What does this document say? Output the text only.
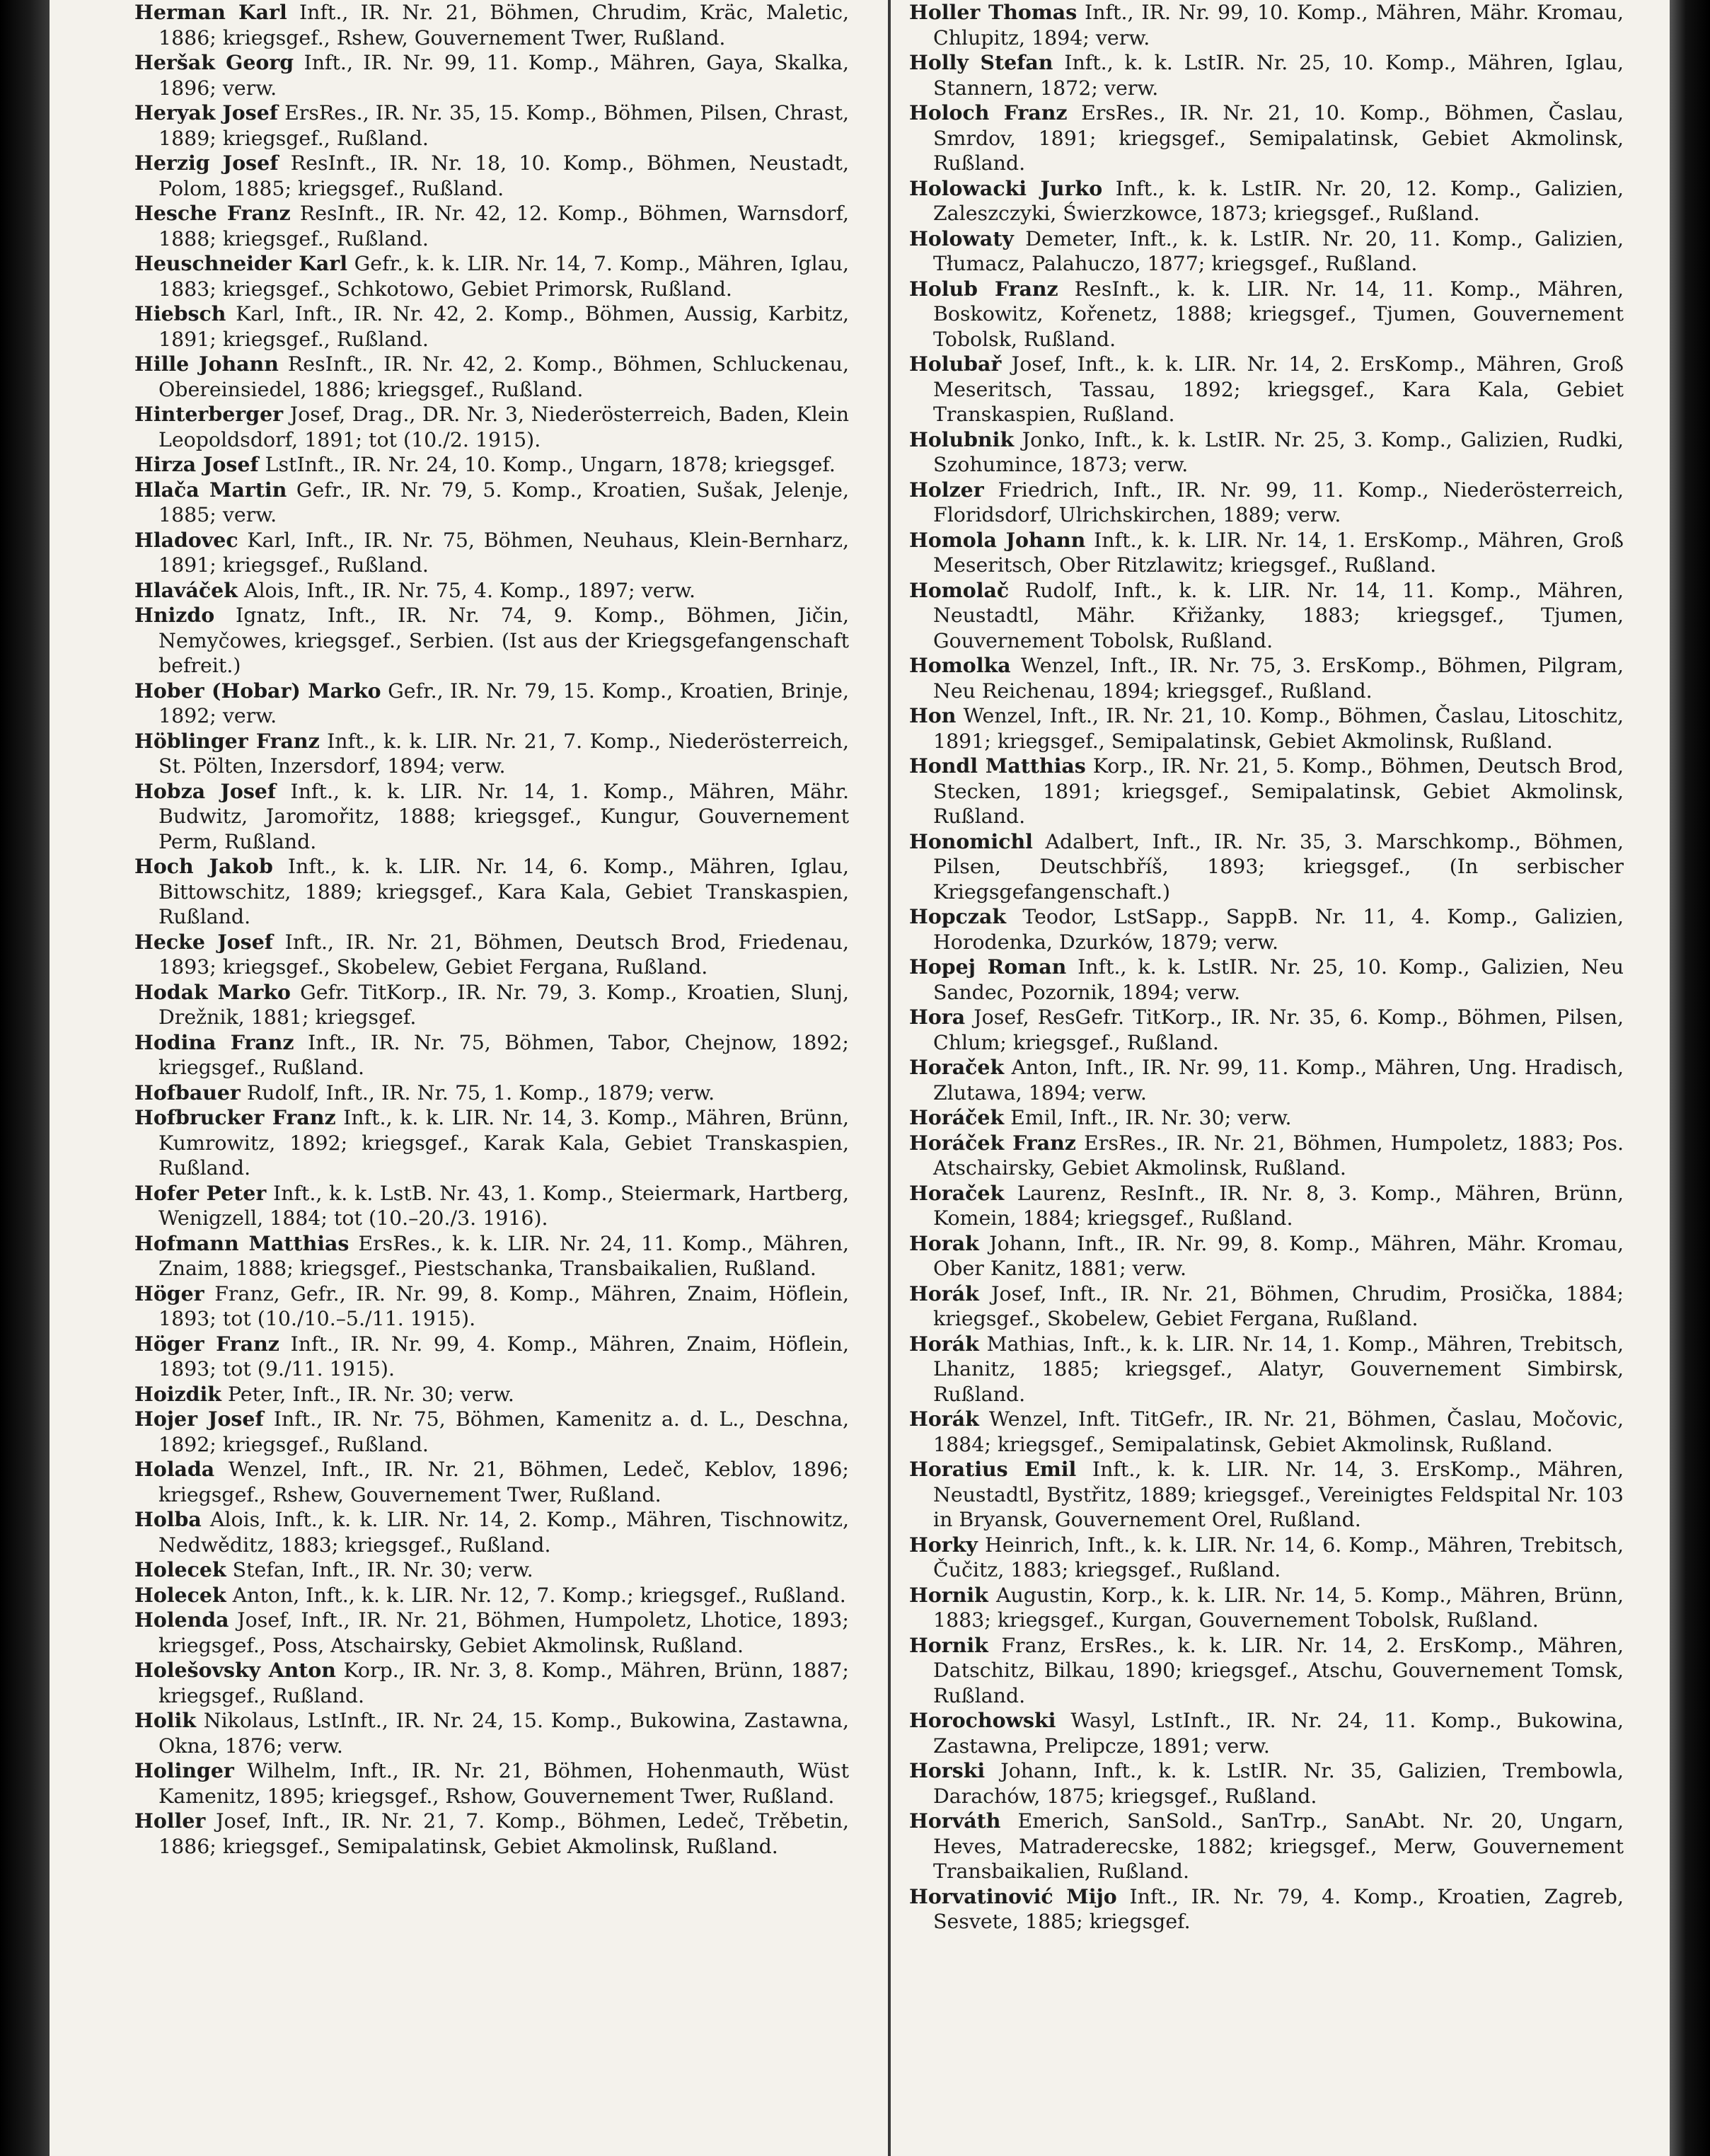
Herman Karl Inft., IR. Nr. 21, Böhmen, Chrudim, Kräc, Maletic, 1886; kriegsgef., Rshew, Gouvernement Twer, Rußland.

Heršak Georg Inft., IR. Nr. 99, 11. Komp., Mähren, Gaya, Skalka, 1896; verw.

Heryak Josef ErsRes., IR. Nr. 35, 15. Komp., Böhmen, Pilsen, Chrast, 1889; kriegsgef., Rußland.

Herzig Josef ResInft., IR. Nr. 18, 10. Komp., Böhmen, Neustadt, Polom, 1885; kriegsgef., Rußland.

Hesche Franz ResInft., IR. Nr. 42, 12. Komp., Böhmen, Warnsdorf, 1888; kriegsgef., Rußland.

Heuschneider Karl Gefr., k. k. LIR. Nr. 14, 7. Komp., Mähren, Iglau, 1883; kriegsgef., Schkotowo, Gebiet Primorsk, Rußland.

Hiebsch Karl, Inft., IR. Nr. 42, 2. Komp., Böhmen, Aussig, Karbitz, 1891; kriegsgef., Rußland.

Hille Johann ResInft., IR. Nr. 42, 2. Komp., Böhmen, Schluckenau, Obereinsiedel, 1886; kriegsgef., Rußland.

Hinterberger Josef, Drag., DR. Nr. 3, Niederösterreich, Baden, Klein Leopoldsdorf, 1891; tot (10./2. 1915).

Hirza Josef LstInft., IR. Nr. 24, 10. Komp., Ungarn, 1878; kriegsgef.

Hlača Martin Gefr., IR. Nr. 79, 5. Komp., Kroatien, Sušak, Jelenje, 1885; verw.

Hladovec Karl, Inft., IR. Nr. 75, Böhmen, Neuhaus, Klein-Bernharz, 1891; kriegsgef., Rußland.

Hlaváček Alois, Inft., IR. Nr. 75, 4. Komp., 1897; verw.

Hnizdo Ignatz, Inft., IR. Nr. 74, 9. Komp., Böhmen, Jičin, Nemyčowes, kriegsgef., Serbien. (Ist aus der Kriegsgefangenschaft befreit.)

Hober (Hobar) Marko Gefr., IR. Nr. 79, 15. Komp., Kroatien, Brinje, 1892; verw.

Höblinger Franz Inft., k. k. LIR. Nr. 21, 7. Komp., Niederösterreich, St. Pölten, Inzersdorf, 1894; verw.

Hobza Josef Inft., k. k. LIR. Nr. 14, 1. Komp., Mähren, Mähr. Budwitz, Jaromořitz, 1888; kriegsgef., Kungur, Gouvernement Perm, Rußland.

Hoch Jakob Inft., k. k. LIR. Nr. 14, 6. Komp., Mähren, Iglau, Bittowschitz, 1889; kriegsgef., Kara Kala, Gebiet Transkaspien, Rußland.

Hecke Josef Inft., IR. Nr. 21, Böhmen, Deutsch Brod, Friedenau, 1893; kriegsgef., Skobelew, Gebiet Fergana, Rußland.

Hodak Marko Gefr. TitKorp., IR. Nr. 79, 3. Komp., Kroatien, Slunj, Drežnik, 1881; kriegsgef.

Hodina Franz Inft., IR. Nr. 75, Böhmen, Tabor, Chejnow, 1892; kriegsgef., Rußland.

Hofbauer Rudolf, Inft., IR. Nr. 75, 1. Komp., 1879; verw.

Hofbrucker Franz Inft., k. k. LIR. Nr. 14, 3. Komp., Mähren, Brünn, Kumrowitz, 1892; kriegsgef., Karak Kala, Gebiet Transkaspien, Rußland.

Hofer Peter Inft., k. k. LstB. Nr. 43, 1. Komp., Steiermark, Hartberg, Wenigzell, 1884; tot (10.–20./3. 1916).

Hofmann Matthias ErsRes., k. k. LIR. Nr. 24, 11. Komp., Mähren, Znaim, 1888; kriegsgef., Piestschanka, Transbaikalien, Rußland.

Höger Franz, Gefr., IR. Nr. 99, 8. Komp., Mähren, Znaim, Höflein, 1893; tot (10./10.–5./11. 1915).

Höger Franz Inft., IR. Nr. 99, 4. Komp., Mähren, Znaim, Höflein, 1893; tot (9./11. 1915).

Hoizdik Peter, Inft., IR. Nr. 30; verw.

Hojer Josef Inft., IR. Nr. 75, Böhmen, Kamenitz a. d. L., Deschna, 1892; kriegsgef., Rußland.

Holada Wenzel, Inft., IR. Nr. 21, Böhmen, Ledeč, Keblov, 1896; kriegsgef., Rshew, Gouvernement Twer, Rußland.

Holba Alois, Inft., k. k. LIR. Nr. 14, 2. Komp., Mähren, Tischnowitz, Nedwěditz, 1883; kriegsgef., Rußland.

Holecek Stefan, Inft., IR. Nr. 30; verw.

Holecek Anton, Inft., k. k. LIR. Nr. 12, 7. Komp.; kriegsgef., Rußland.

Holenda Josef, Inft., IR. Nr. 21, Böhmen, Humpoletz, Lhotice, 1893; kriegsgef., Poss, Atschairsky, Gebiet Akmolinsk, Rußland.

Holešovsky Anton Korp., IR. Nr. 3, 8. Komp., Mähren, Brünn, 1887; kriegsgef., Rußland.

Holik Nikolaus, LstInft., IR. Nr. 24, 15. Komp., Bukowina, Zastawna, Okna, 1876; verw.

Holinger Wilhelm, Inft., IR. Nr. 21, Böhmen, Hohenmauth, Wüst Kamenitz, 1895; kriegsgef., Rshow, Gouvernement Twer, Rußland.

Holler Josef, Inft., IR. Nr. 21, 7. Komp., Böhmen, Ledeč, Trěbetin, 1886; kriegsgef., Semipalatinsk, Gebiet Akmolinsk, Rußland.

Holler Thomas Inft., IR. Nr. 99, 10. Komp., Mähren, Mähr. Kromau, Chlupitz, 1894; verw.

Holly Stefan Inft., k. k. LstIR. Nr. 25, 10. Komp., Mähren, Iglau, Stannern, 1872; verw.

Holoch Franz ErsRes., IR. Nr. 21, 10. Komp., Böhmen, Časlau, Smrdov, 1891; kriegsgef., Semipalatinsk, Gebiet Akmolinsk, Rußland.

Holowacki Jurko Inft., k. k. LstIR. Nr. 20, 12. Komp., Galizien, Zaleszczyki, Świerzkowce, 1873; kriegsgef., Rußland.

Holowaty Demeter, Inft., k. k. LstIR. Nr. 20, 11. Komp., Galizien, Tłumacz, Palahuczo, 1877; kriegsgef., Rußland.

Holub Franz ResInft., k. k. LIR. Nr. 14, 11. Komp., Mähren, Boskowitz, Kořenetz, 1888; kriegsgef., Tjumen, Gouvernement Tobolsk, Rußland.

Holubař Josef, Inft., k. k. LIR. Nr. 14, 2. ErsKomp., Mähren, Groß Meseritsch, Tassau, 1892; kriegsgef., Kara Kala, Gebiet Transkaspien, Rußland.

Holubnik Jonko, Inft., k. k. LstIR. Nr. 25, 3. Komp., Galizien, Rudki, Szohumince, 1873; verw.

Holzer Friedrich, Inft., IR. Nr. 99, 11. Komp., Niederösterreich, Floridsdorf, Ulrichskirchen, 1889; verw.

Homola Johann Inft., k. k. LIR. Nr. 14, 1. ErsKomp., Mähren, Groß Meseritsch, Ober Ritzlawitz; kriegsgef., Rußland.

Homolač Rudolf, Inft., k. k. LIR. Nr. 14, 11. Komp., Mähren, Neustadtl, Mähr. Křižanky, 1883; kriegsgef., Tjumen, Gouvernement Tobolsk, Rußland.

Homolka Wenzel, Inft., IR. Nr. 75, 3. ErsKomp., Böhmen, Pilgram, Neu Reichenau, 1894; kriegsgef., Rußland.

Hon Wenzel, Inft., IR. Nr. 21, 10. Komp., Böhmen, Časlau, Litoschitz, 1891; kriegsgef., Semipalatinsk, Gebiet Akmolinsk, Rußland.

Hondl Matthias Korp., IR. Nr. 21, 5. Komp., Böhmen, Deutsch Brod, Stecken, 1891; kriegsgef., Semipalatinsk, Gebiet Akmolinsk, Rußland.

Honomichl Adalbert, Inft., IR. Nr. 35, 3. Marschkomp., Böhmen, Pilsen, Deutschbříš, 1893; kriegsgef., (In serbischer Kriegsgefangenschaft.)

Hopczak Teodor, LstSapp., SappB. Nr. 11, 4. Komp., Galizien, Horodenka, Dzurków, 1879; verw.

Hopej Roman Inft., k. k. LstIR. Nr. 25, 10. Komp., Galizien, Neu Sandec, Pozornik, 1894; verw.

Hora Josef, ResGefr. TitKorp., IR. Nr. 35, 6. Komp., Böhmen, Pilsen, Chlum; kriegsgef., Rußland.

Horaček Anton, Inft., IR. Nr. 99, 11. Komp., Mähren, Ung. Hradisch, Zlutawa, 1894; verw.

Horáček Emil, Inft., IR. Nr. 30; verw.

Horáček Franz ErsRes., IR. Nr. 21, Böhmen, Humpoletz, 1883; Pos. Atschairsky, Gebiet Akmolinsk, Rußland.

Horaček Laurenz, ResInft., IR. Nr. 8, 3. Komp., Mähren, Brünn, Komein, 1884; kriegsgef., Rußland.

Horak Johann, Inft., IR. Nr. 99, 8. Komp., Mähren, Mähr. Kromau, Ober Kanitz, 1881; verw.

Horák Josef, Inft., IR. Nr. 21, Böhmen, Chrudim, Prosička, 1884; kriegsgef., Skobelew, Gebiet Fergana, Rußland.

Horák Mathias, Inft., k. k. LIR. Nr. 14, 1. Komp., Mähren, Trebitsch, Lhanitz, 1885; kriegsgef., Alatyr, Gouvernement Simbirsk, Rußland.

Horák Wenzel, Inft. TitGefr., IR. Nr. 21, Böhmen, Časlau, Močovic, 1884; kriegsgef., Semipalatinsk, Gebiet Akmolinsk, Rußland.

Horatius Emil Inft., k. k. LIR. Nr. 14, 3. ErsKomp., Mähren, Neustadtl, Bystřitz, 1889; kriegsgef., Vereinigtes Feldspital Nr. 103 in Bryansk, Gouvernement Orel, Rußland.

Horky Heinrich, Inft., k. k. LIR. Nr. 14, 6. Komp., Mähren, Trebitsch, Čučitz, 1883; kriegsgef., Rußland.

Hornik Augustin, Korp., k. k. LIR. Nr. 14, 5. Komp., Mähren, Brünn, 1883; kriegsgef., Kurgan, Gouvernement Tobolsk, Rußland.

Hornik Franz, ErsRes., k. k. LIR. Nr. 14, 2. ErsKomp., Mähren, Datschitz, Bilkau, 1890; kriegsgef., Atschu, Gouvernement Tomsk, Rußland.

Horochowski Wasyl, LstInft., IR. Nr. 24, 11. Komp., Bukowina, Zastawna, Prelipcze, 1891; verw.

Horski Johann, Inft., k. k. LstIR. Nr. 35, Galizien, Trembowla, Darachów, 1875; kriegsgef., Rußland.

Horváth Emerich, SanSold., SanTrp., SanAbt. Nr. 20, Ungarn, Heves, Matraderecske, 1882; kriegsgef., Merw, Gouvernement Transbaikalien, Rußland.

Horvatinović Mijo Inft., IR. Nr. 79, 4. Komp., Kroatien, Zagreb, Sesvete, 1885; kriegsgef.
